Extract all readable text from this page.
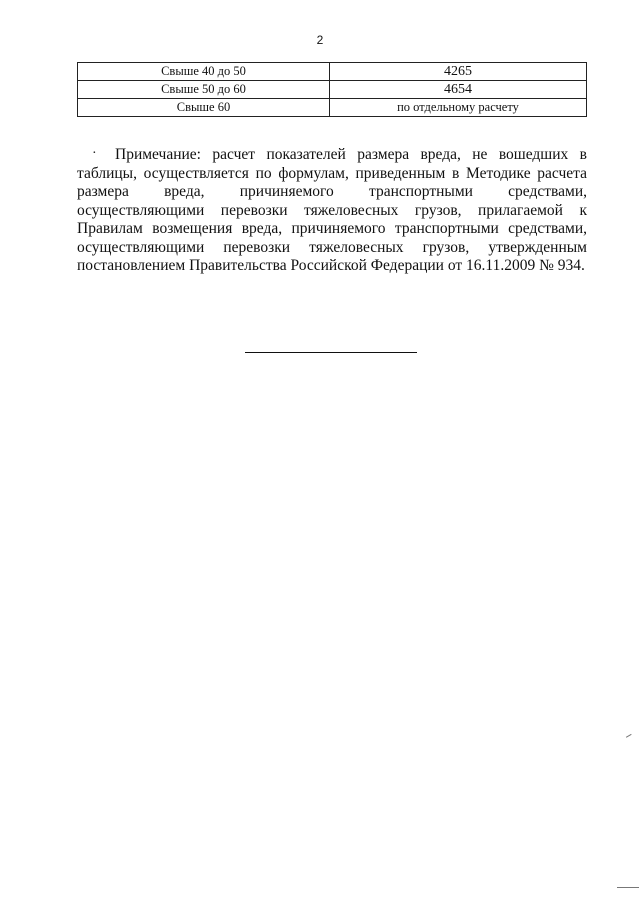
2
Свыше 40 до 50	4265
Свыше 50 до 60	4654
Свыше 60	по отдельному расчету
·	Примечание: расчет показателей размера вреда, не вошедших в таблицы, осуществляется по формулам, приведенным в Методике расчета размера вреда, причиняемого транспортными средствами, осуществляющими перевозки тяжеловесных грузов, прилагаемой к Правилам возмещения вреда, причиняемого транспортными средствами, осуществляющими перевозки тяжеловесных грузов, утвержденным постановлением Правительства Российской Федерации от 16.11.2009 № 934.
